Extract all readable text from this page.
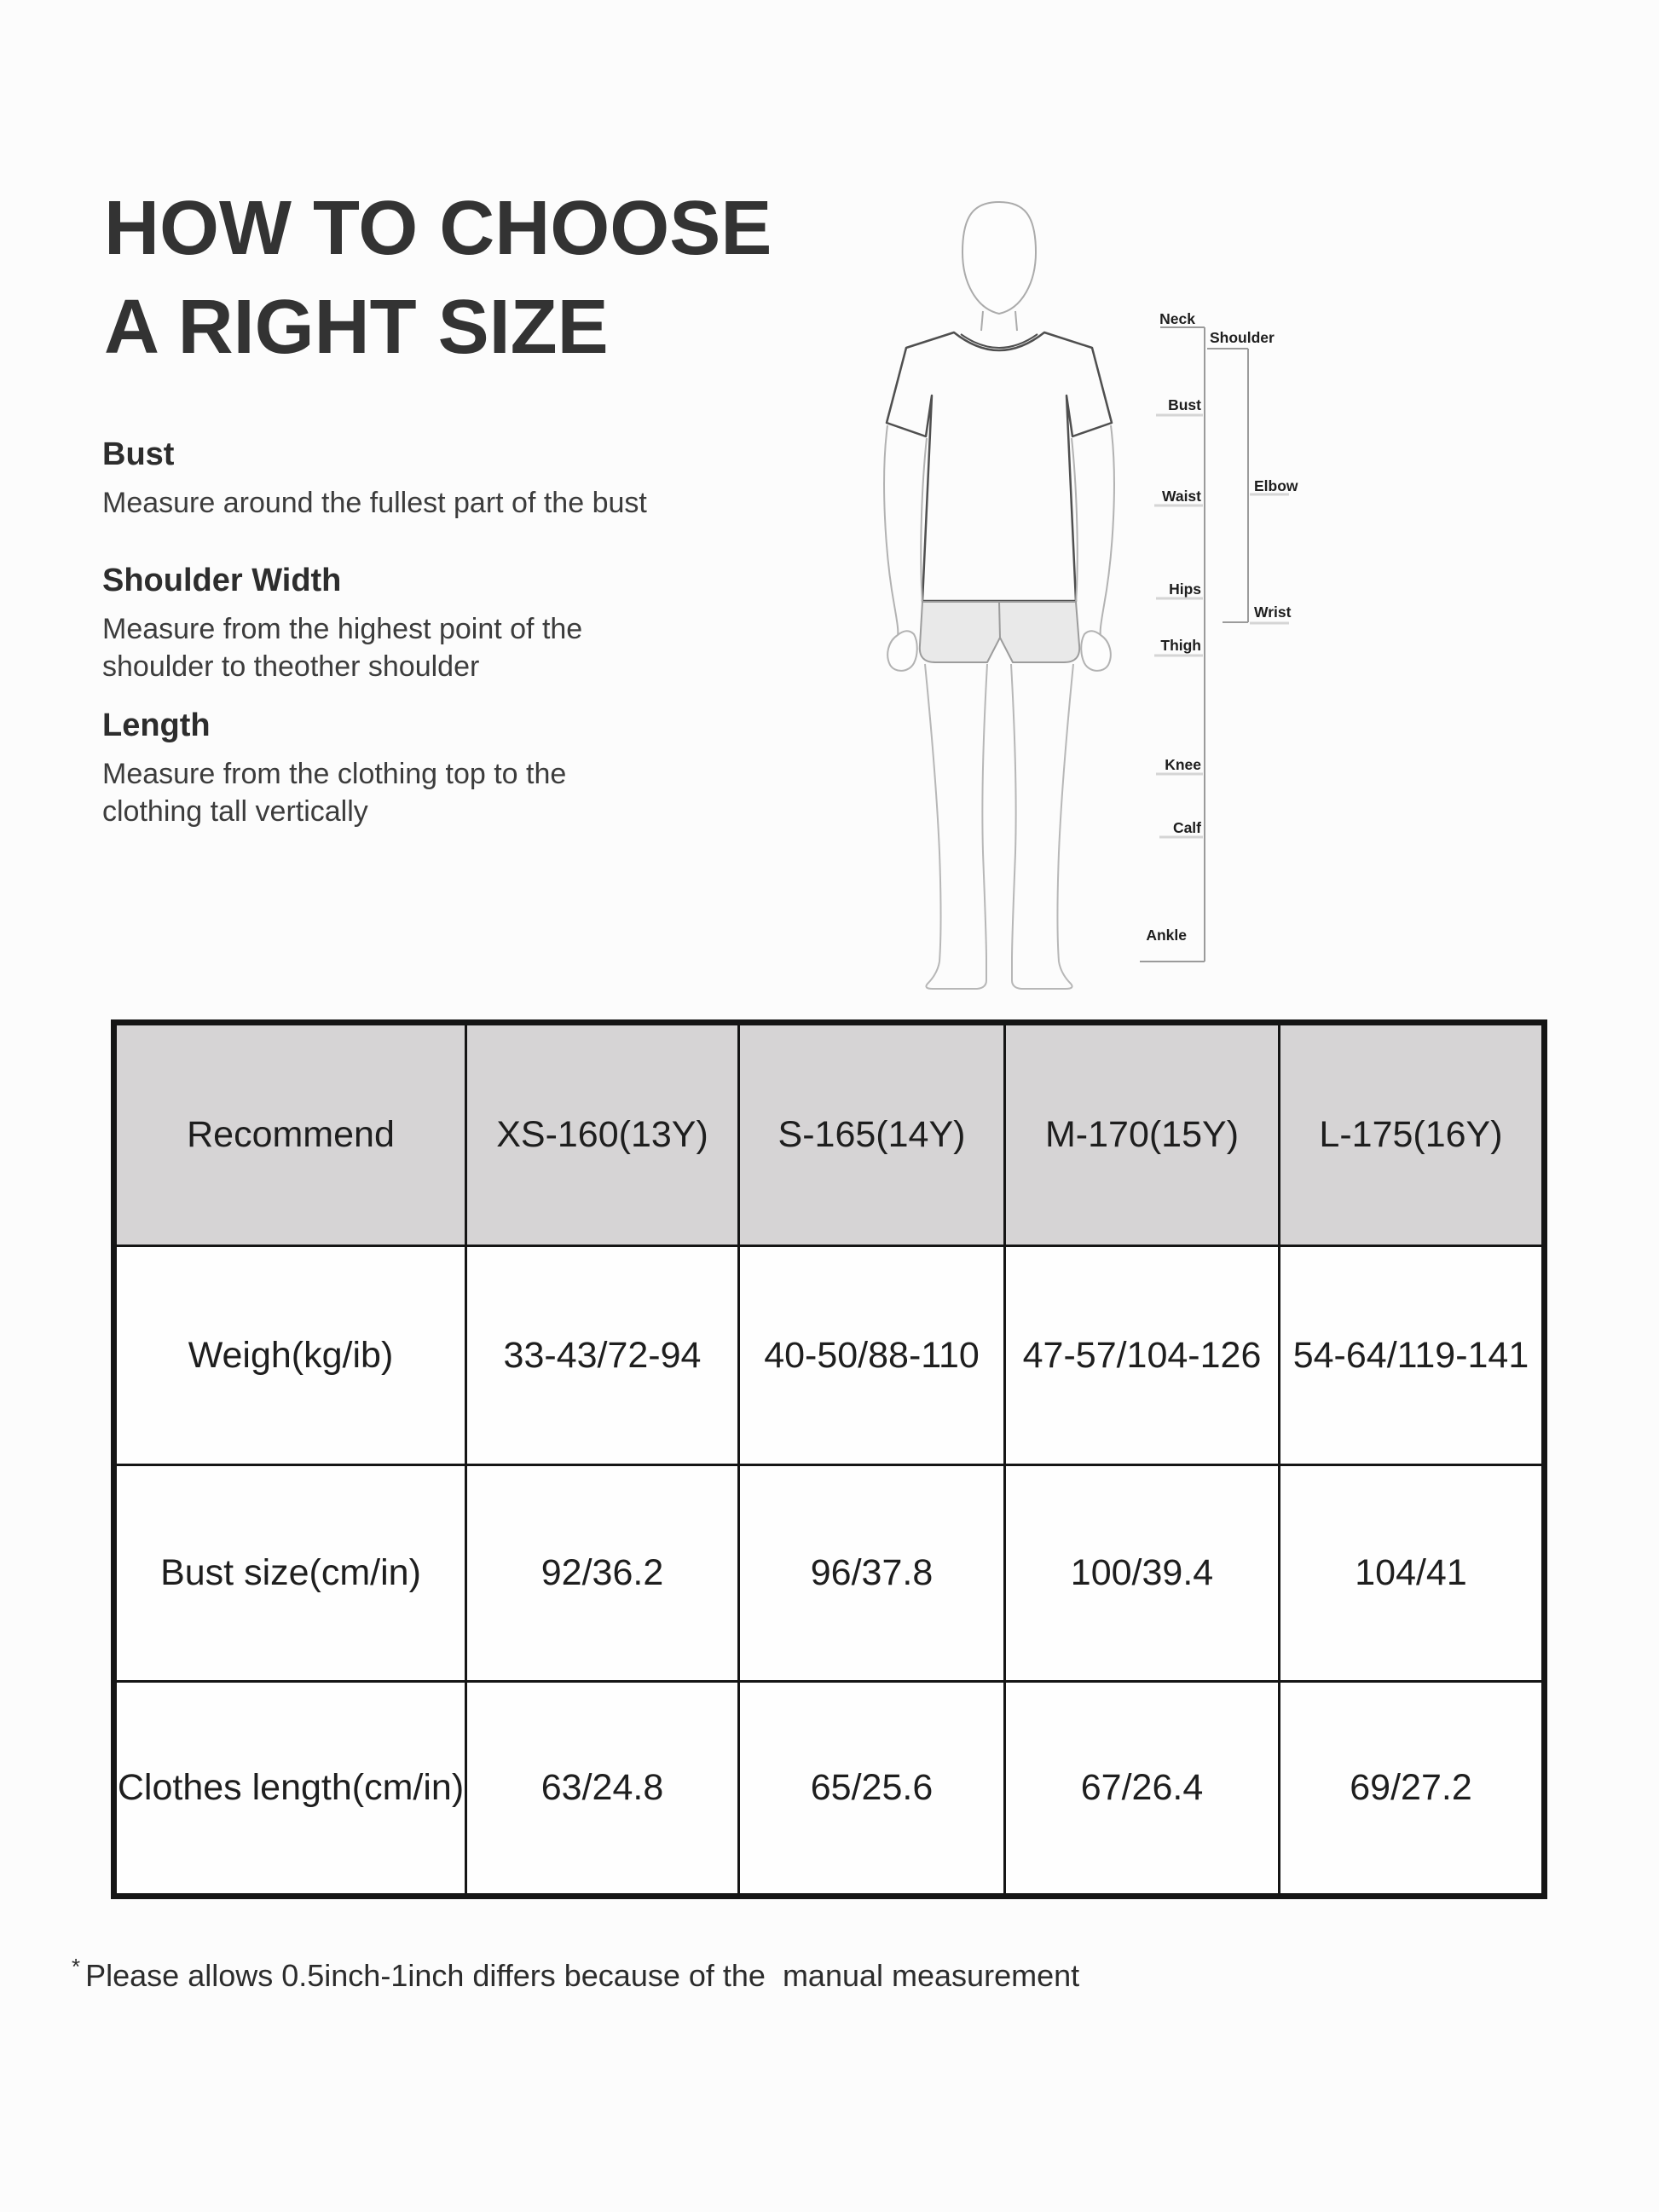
HOW TO CHOOSE
A RIGHT SIZE
Bust
Measure around the fullest part of the bust
Shoulder Width
Measure from the highest point of the
shoulder to theother shoulder
Length
Measure from the clothing top to the
clothing tall vertically
Neck
Shoulder
Bust
Waist
Elbow
Hips
Wrist
Thigh
Knee
Calf
Ankle
Recommend	XS-160(13Y)	S-165(14Y)	M-170(15Y)	L-175(16Y)
Weigh(kg/ib)	33-43/72-94	40-50/88-110	47-57/104-126	54-64/119-141
Bust size(cm/in)	92/36.2	96/37.8	100/39.4	104/41
Clothes length(cm/in)	63/24.8	65/25.6	67/26.4	69/27.2
* Please allows 0.5inch-1inch differs because of the  manual measurement
